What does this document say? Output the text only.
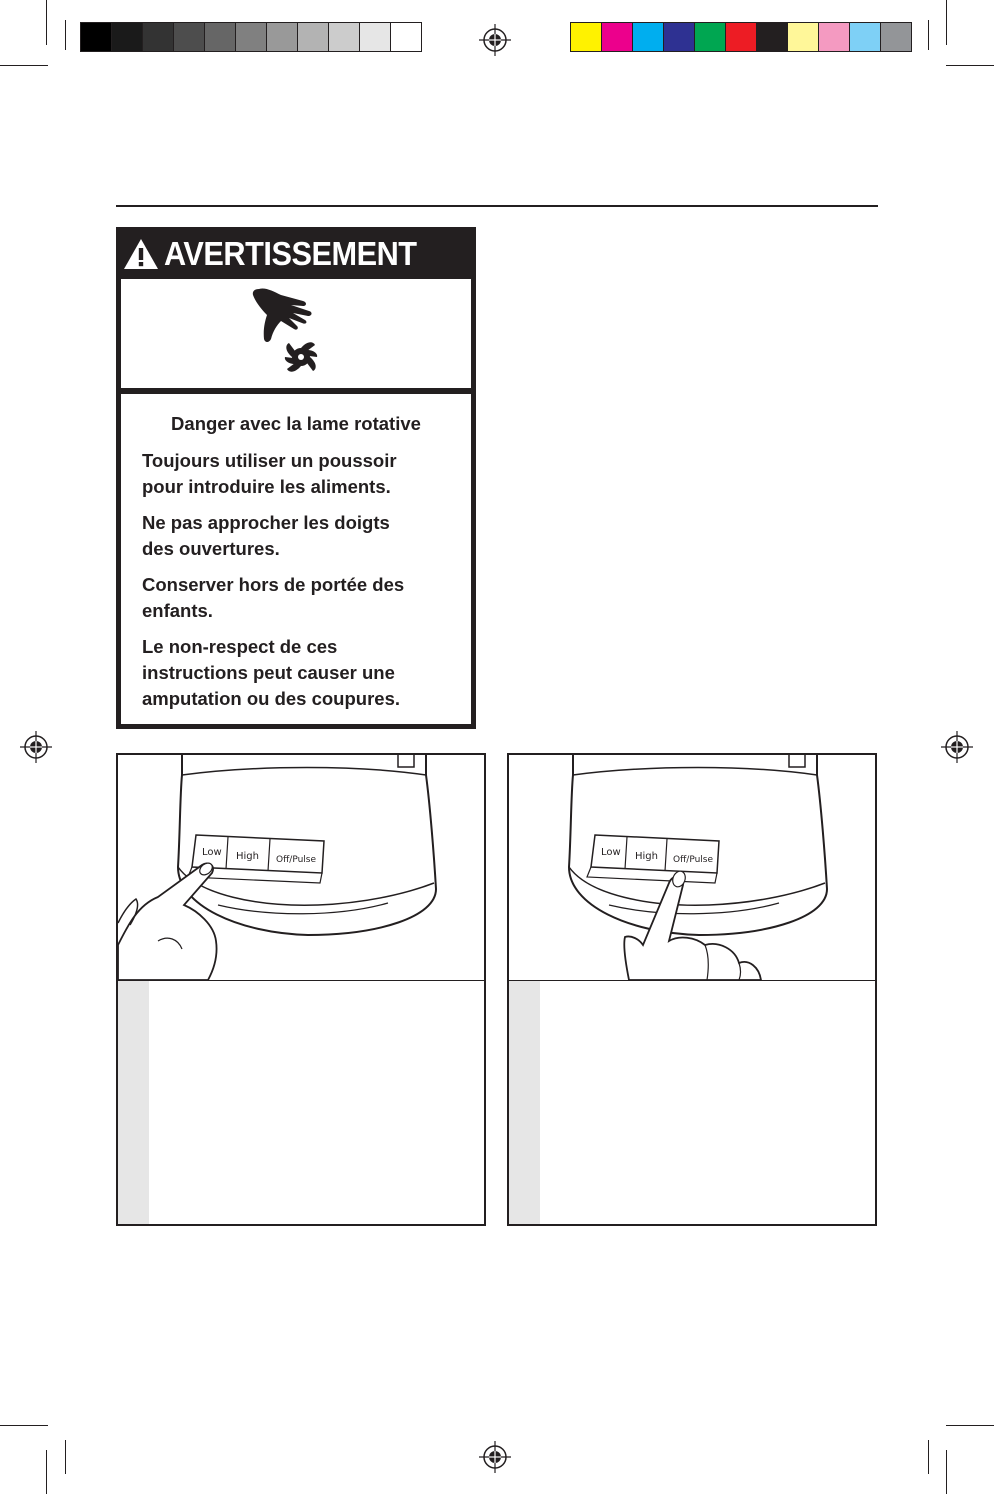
AVERTISSEMENT
Danger avec la lame rotative
Toujours utiliser un poussoir
pour introduire les aliments.
Ne pas approcher les doigts
des ouvertures.
Conserver hors de portée des
enfants.
Le non-respect de ces
instructions peut causer une
amputation ou des coupures.
Low High Off/Pulse
Low High Off/Pulse
